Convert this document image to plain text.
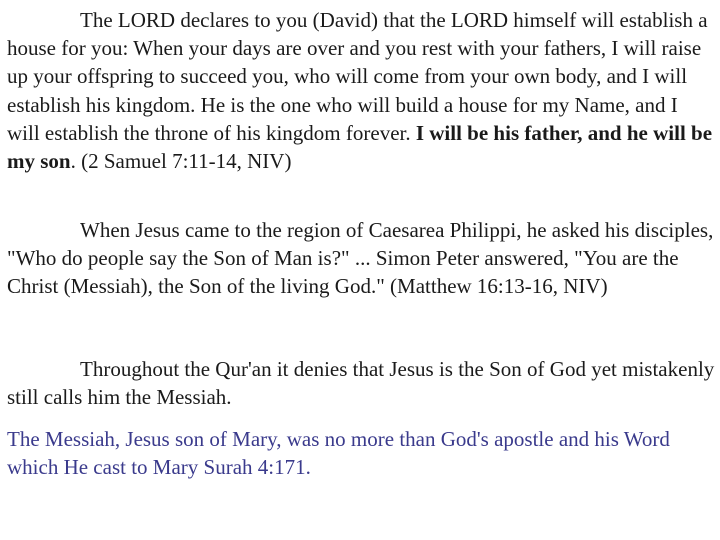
The LORD declares to you (David) that the LORD himself will establish a house for you: When your days are over and you rest with your fathers, I will raise up your offspring to succeed you, who will come from your own body, and I will establish his kingdom. He is the one who will build a house for my Name, and I will establish the throne of his kingdom forever. I will be his father, and he will be my son. (2 Samuel 7:11-14, NIV)

When Jesus came to the region of Caesarea Philippi, he asked his disciples, "Who do people say the Son of Man is?" ... Simon Peter answered, "You are the Christ (Messiah), the Son of the living God." (Matthew 16:13-16, NIV)

Throughout the Qur'an it denies that Jesus is the Son of God yet mistakenly still calls him the Messiah.

The Messiah, Jesus son of Mary, was no more than God's apostle and his Word which He cast to Mary Surah 4:171.
